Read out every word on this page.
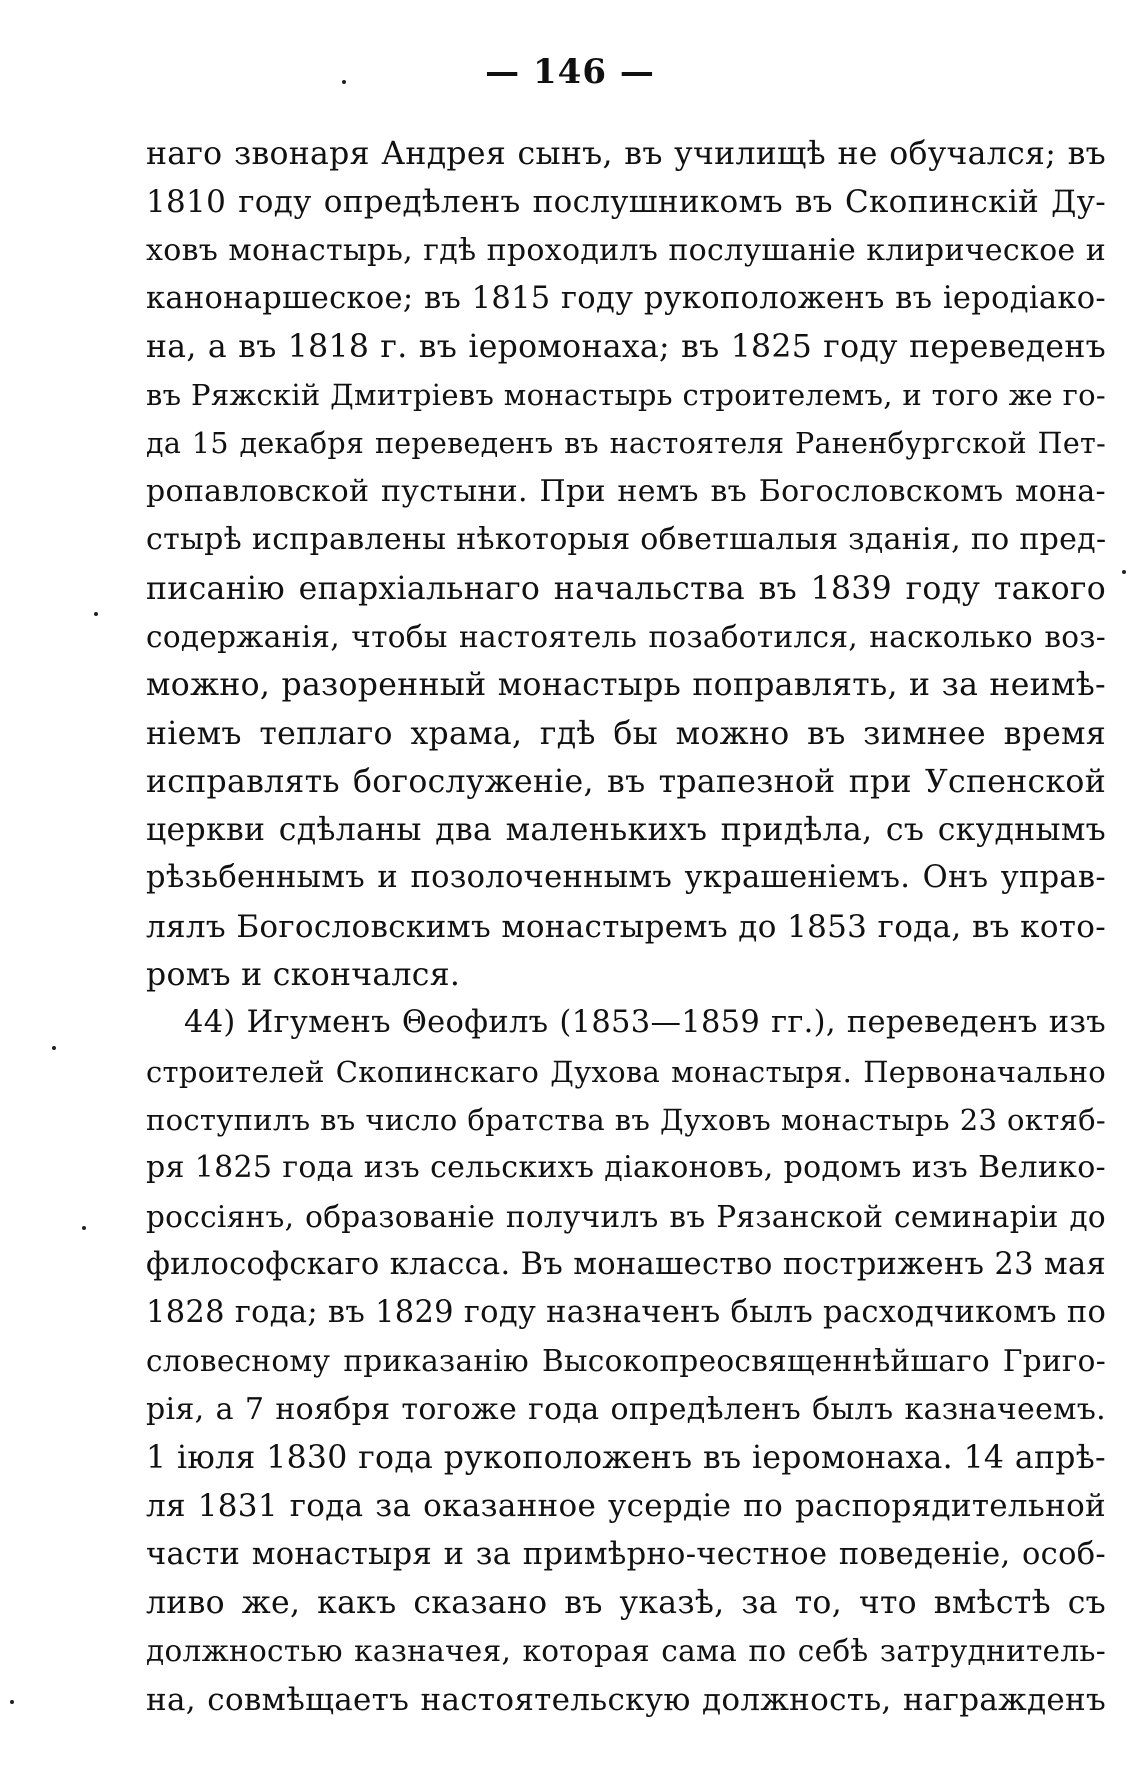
— 146 —
наго звонаря Андрея сынъ, въ училищѣ не обучался; въ
1810 году опредѣленъ послушникомъ въ Скопинскій Ду-
ховъ монастырь, гдѣ проходилъ послушаніе клирическое и
канонаршеское; въ 1815 году рукоположенъ въ іеродіако-
на, а въ 1818 г. въ іеромонаха; въ 1825 году переведенъ
въ Ряжскій Дмитріевъ монастырь строителемъ, и того же го-
да 15 декабря переведенъ въ настоятеля Раненбургской Пет-
ропавловской пустыни. При немъ въ Богословскомъ мона-
стырѣ исправлены нѣкоторыя обветшалыя зданія, по пред-
писанію епархіальнаго начальства въ 1839 году такого
содержанія, чтобы настоятель позаботился, насколько воз-
можно, разоренный монастырь поправлять, и за неимѣ-
ніемъ теплаго храма, гдѣ бы можно въ зимнее время
исправлять богослуженіе, въ трапезной при Успенской
церкви сдѣланы два маленькихъ придѣла, съ скуднымъ
рѣзьбеннымъ и позолоченнымъ украшеніемъ. Онъ управ-
лялъ Богословскимъ монастыремъ до 1853 года, въ кото-
ромъ и скончался.
44) Игуменъ Θеофилъ (1853—1859 гг.), переведенъ изъ
строителей Скопинскаго Духова монастыря. Первоначально
поступилъ въ число братства въ Духовъ монастырь 23 октяб-
ря 1825 года изъ сельскихъ діаконовъ, родомъ изъ Велико-
россіянъ, образованіе получилъ въ Рязанской семинаріи до
философскаго класса. Въ монашество постриженъ 23 мая
1828 года; въ 1829 году назначенъ былъ расходчикомъ по
словесному приказанію Высокопреосвященнѣйшаго Григо-
рія, а 7 ноября тогоже года опредѣленъ былъ казначеемъ.
1 іюля 1830 года рукоположенъ въ іеромонаха. 14 апрѣ-
ля 1831 года за оказанное усердіе по распорядительной
части монастыря и за примѣрно-честное поведеніе, особ-
ливо же, какъ сказано въ указѣ, за то, что вмѣстѣ съ
должностью казначея, которая сама по себѣ затруднитель-
на, совмѣщаетъ настоятельскую должность, награжденъ
